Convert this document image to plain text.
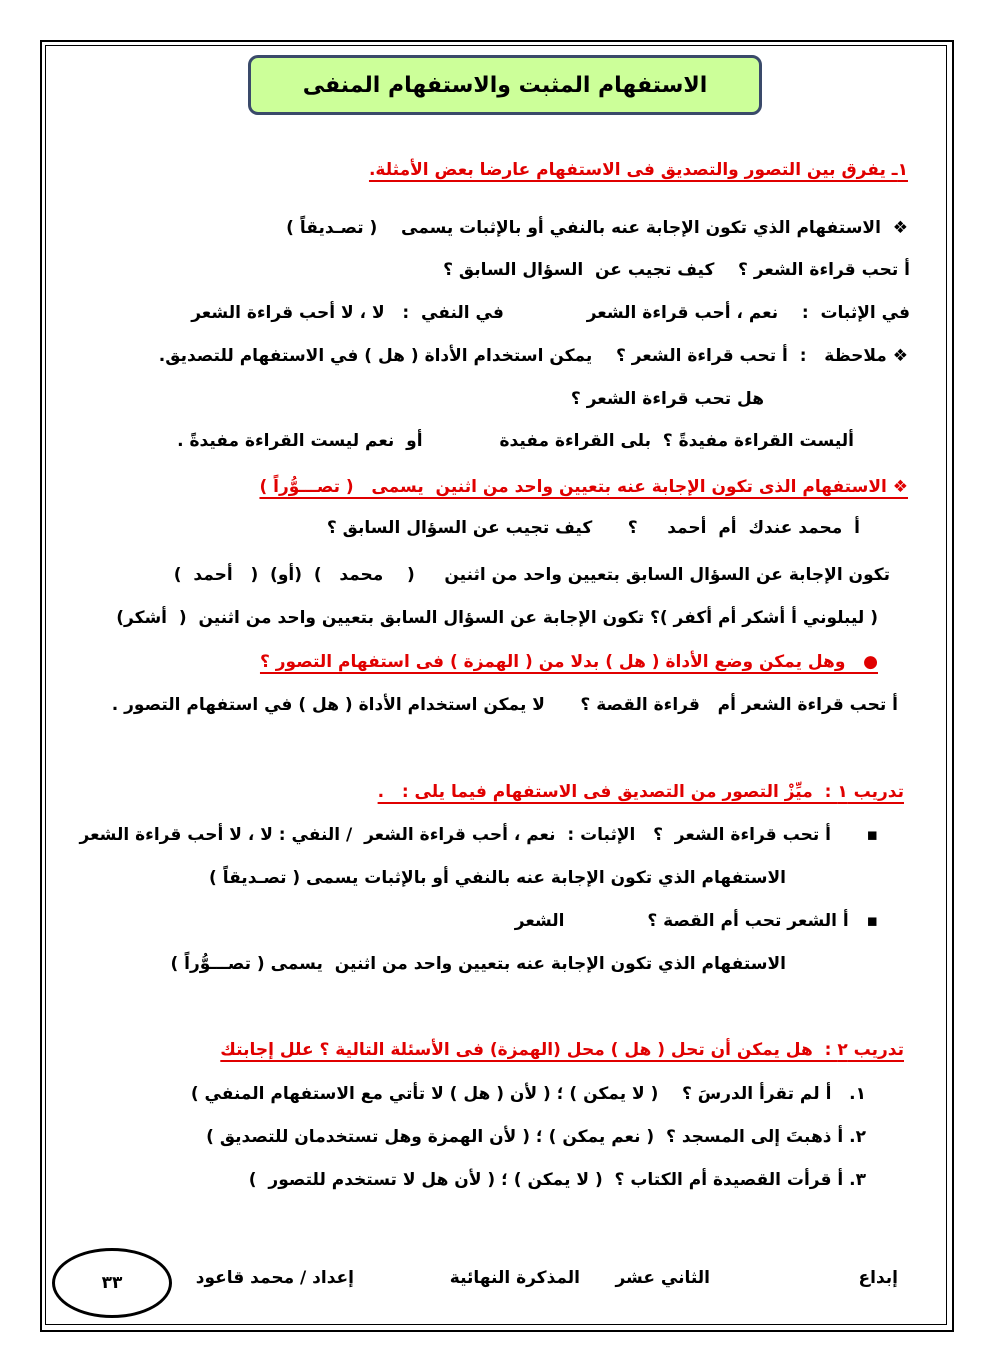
الاستفهام المثبت والاستفهام المنفى
١ـ يفرق بين التصور والتصديق فى الاستفهام عارضا بعض الأمثلة.
❖  الاستفهام الذي تكون الإجابة عنه بالنفي أو بالإثبات يسمى    ( تصـديقاً )
أ تحب قراءة الشعر ؟    كيف تجيب عن  السؤال السابق ؟
في الإثبات  :    نعم ، أحب قراءة الشعر              في النفي  :   لا ، لا أحب قراءة الشعر
❖ ملاحظة   :  أ تحب قراءة الشعر ؟    يمكن استخدام الأداة ( هل ) في الاستفهام للتصديق.
هل تحب قراءة الشعر ؟
أليست القراءة مفيدةً ؟  بلى القراءة مفيدة             أو  نعم ليست القراءة مفيدةً .
❖ الاستفهام الذى تكون الإجابة عنه بتعيين واحد من اثنين  يسمى   ( تصـــوُّراً )
أ  محمد عندك  أم  أحمد     ؟      كيف تجيب عن السؤال السابق ؟
تكون الإجابة عن السؤال السابق بتعيين واحد من اثنين     (    محمد   )  (أو)  (   أحمد  )
( ليبلوني أ أشكر أم أكفر )؟ تكون الإجابة عن السؤال السابق بتعيين واحد من اثنين  (  أشكر)
●   وهل يمكن وضع الأداة ( هل ) بدلا من ( الهمزة ) فى استفهام التصور ؟
أ تحب قراءة الشعر أم   قراءة القصة ؟      لا يمكن استخدام الأداة ( هل ) في استفهام التصور .
تدريب ١ :  ميِّزْ التصور من التصديق فى الاستفهام فيما يلى :   .
▪      أ تحب قراءة الشعر  ؟   الإثبات :  نعم ، أحب قراءة الشعر  / النفي : لا ، لا أحب قراءة الشعر
الاستفهام الذي تكون الإجابة عنه بالنفي أو بالإثبات يسمى ( تصـديقاً )
▪   أ الشعر تحب أم القصة ؟              الشعر
الاستفهام الذي تكون الإجابة عنه بتعيين واحد من اثنين  يسمى ( تصـــوُّراً )
تدريب ٢ :  هل يمكن أن تحل ( هل ) محل (الهمزة) فى الأسئلة التالية ؟ علل إجابتك
١.   أ لم تقرأ الدرسَ ؟    ( لا يمكن ) ؛ ( لأن ( هل ) لا تأتي مع الاستفهام المنفي )
٢. أ ذهبتَ إلى المسجد ؟  ( نعم يمكن ) ؛ ( لأن الهمزة وهل تستخدمان للتصديق )
٣. أ قرأت القصيدة أم الكتاب ؟  ( لا يمكن ) ؛ ( لأن هل لا تستخدم للتصور  )
إبداع
الثاني عشر
المذكرة النهائية
إعداد / محمد قاعود
٣٣
